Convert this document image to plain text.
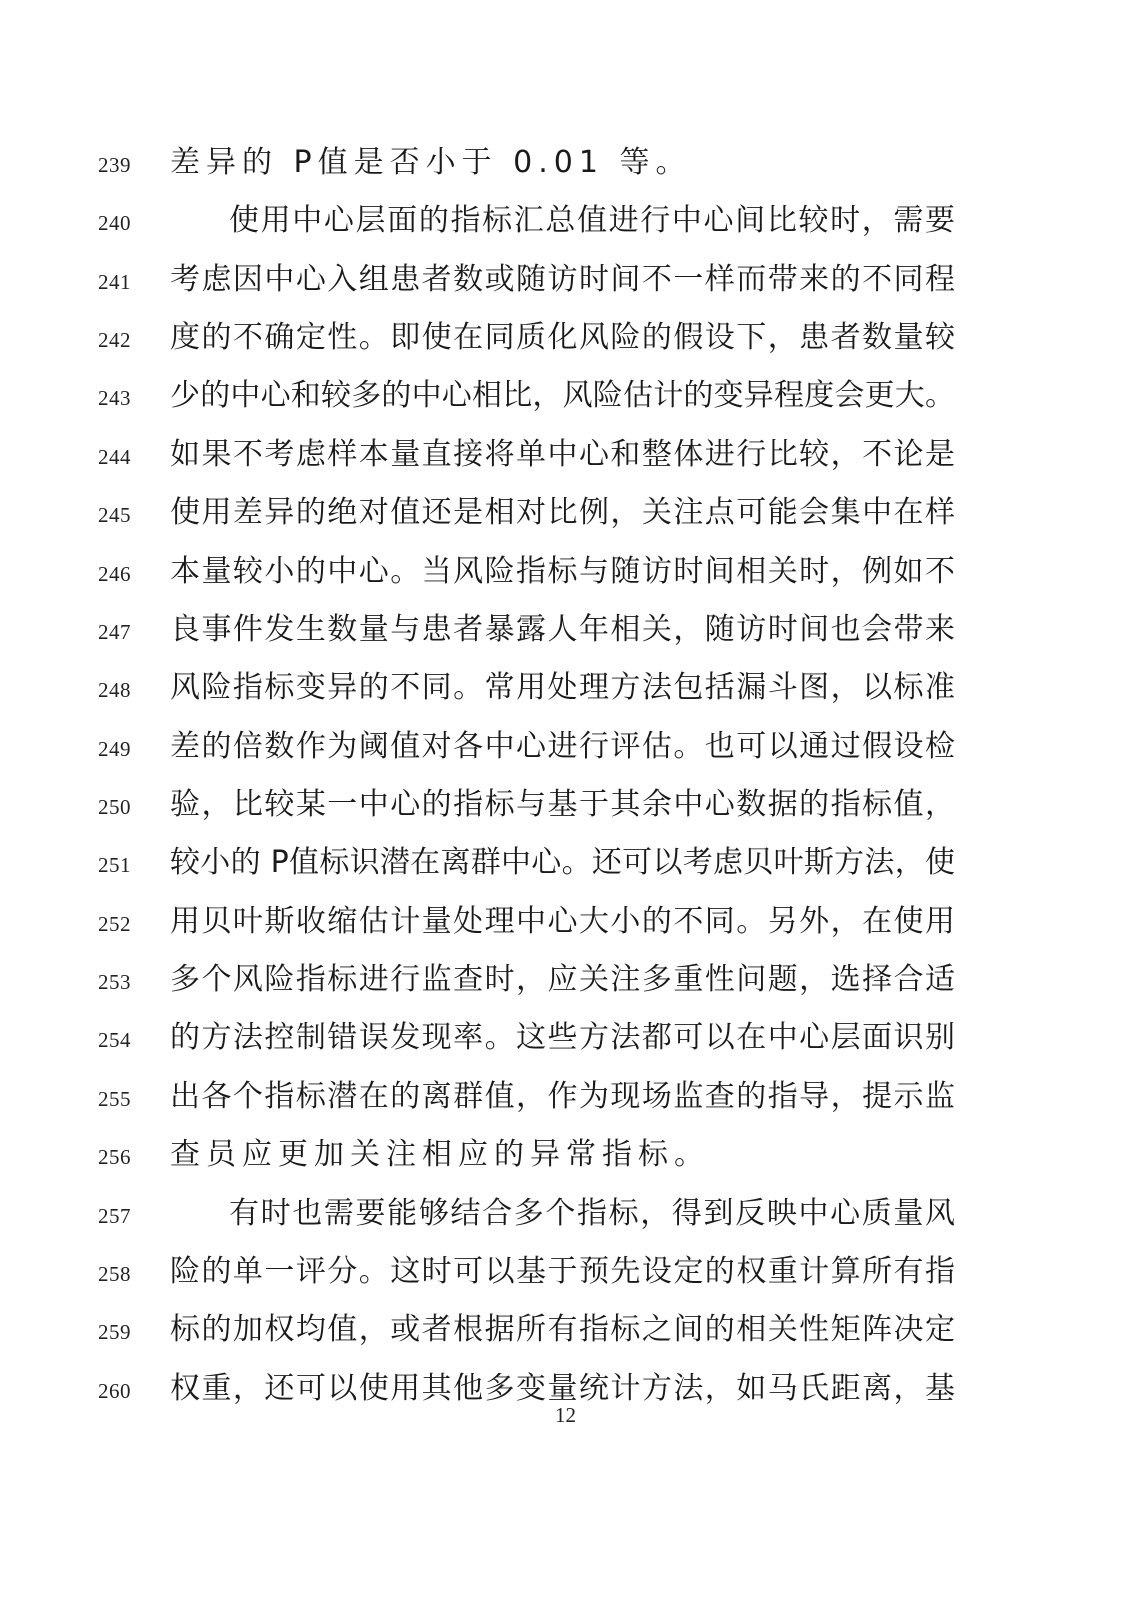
239	差异的 P值是否小于 0.01 等。
240	使用中心层面的指标汇总值进行中心间比较时，需要
241	考虑因中心入组患者数或随访时间不一样而带来的不同程
242	度的不确定性。即使在同质化风险的假设下，患者数量较
243	少的中心和较多的中心相比，风险估计的变异程度会更大。
244	如果不考虑样本量直接将单中心和整体进行比较，不论是
245	使用差异的绝对值还是相对比例，关注点可能会集中在样
246	本量较小的中心。当风险指标与随访时间相关时，例如不
247	良事件发生数量与患者暴露人年相关，随访时间也会带来
248	风险指标变异的不同。常用处理方法包括漏斗图，以标准
249	差的倍数作为阈值对各中心进行评估。也可以通过假设检
250	验，比较某一中心的指标与基于其余中心数据的指标值，
251	较小的 P值标识潜在离群中心。还可以考虑贝叶斯方法，使
252	用贝叶斯收缩估计量处理中心大小的不同。另外，在使用
253	多个风险指标进行监查时，应关注多重性问题，选择合适
254	的方法控制错误发现率。这些方法都可以在中心层面识别
255	出各个指标潜在的离群值，作为现场监查的指导，提示监
256	查员应更加关注相应的异常指标。
257	有时也需要能够结合多个指标，得到反映中心质量风
258	险的单一评分。这时可以基于预先设定的权重计算所有指
259	标的加权均值，或者根据所有指标之间的相关性矩阵决定
260	权重，还可以使用其他多变量统计方法，如马氏距离，基
12
